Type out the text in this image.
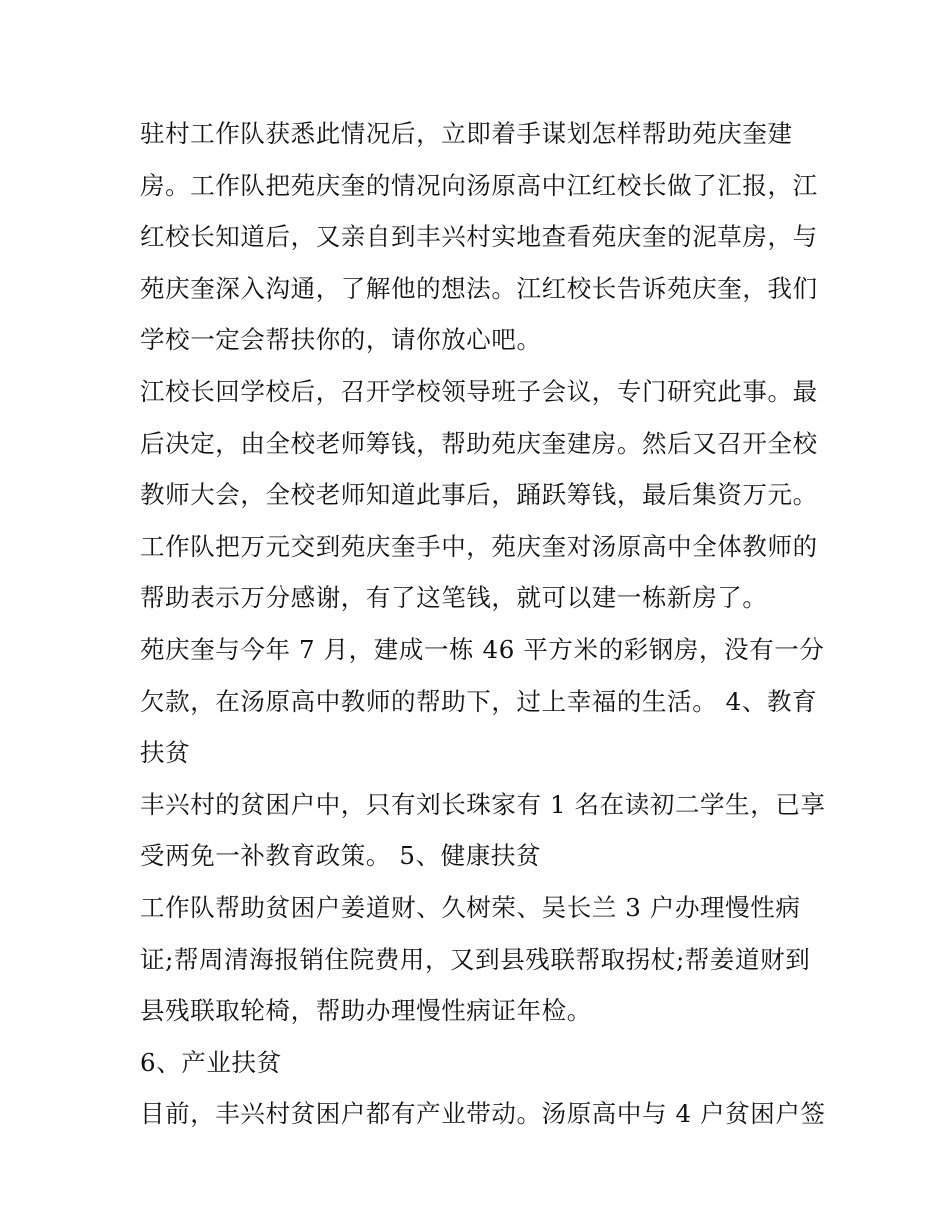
驻村工作队获悉此情况后，立即着手谋划怎样帮助苑庆奎建
房。工作队把苑庆奎的情况向汤原高中江红校长做了汇报，江
红校长知道后，又亲自到丰兴村实地查看苑庆奎的泥草房，与
苑庆奎深入沟通，了解他的想法。江红校长告诉苑庆奎，我们
学校一定会帮扶你的，请你放心吧。
江校长回学校后，召开学校领导班子会议，专门研究此事。最
后决定，由全校老师筹钱，帮助苑庆奎建房。然后又召开全校
教师大会，全校老师知道此事后，踊跃筹钱，最后集资万元。
工作队把万元交到苑庆奎手中，苑庆奎对汤原高中全体教师的
帮助表示万分感谢，有了这笔钱，就可以建一栋新房了。
苑庆奎与今年 7 月，建成一栋 46 平方米的彩钢房，没有一分
欠款，在汤原高中教师的帮助下，过上幸福的生活。 4、教育
扶贫
丰兴村的贫困户中，只有刘长珠家有 1 名在读初二学生，已享
受两免一补教育政策。 5、健康扶贫
工作队帮助贫困户姜道财、久树荣、吴长兰 3 户办理慢性病
证;帮周清海报销住院费用，又到县残联帮取拐杖;帮姜道财到
县残联取轮椅，帮助办理慢性病证年检。
6、产业扶贫
目前，丰兴村贫困户都有产业带动。汤原高中与 4 户贫困户签
